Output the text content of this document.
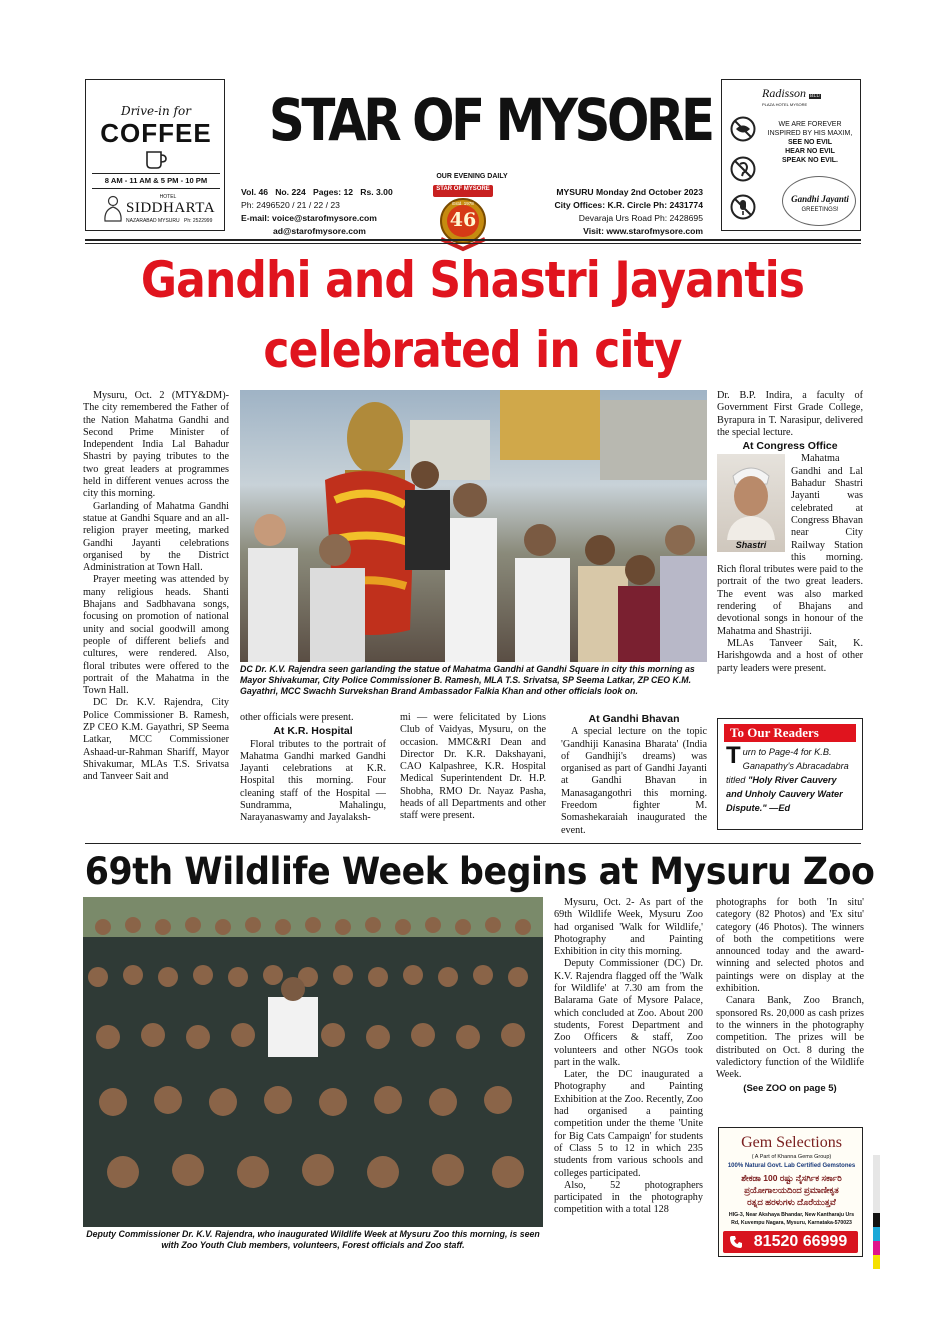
Drive-in for
COFFEE
8 AM - 11 AM & 5 PM - 10 PM
HOTEL
SIDDHARTA
NAZARABAD MYSURU Ph: 2522999
STAR OF MYSORE
OUR EVENING DAILY
Vol. 46   No. 224   Pages: 12   Rs. 3.00
Ph: 2496520 / 21 / 22 / 23
E-mail: voice@starofmysore.com
ad@starofmysore.com
STAR OF MYSORE
46
Estd. 1978
MYSURU Monday 2nd October 2023
City Offices: K.R. Circle Ph: 2431774
Devaraja Urs Road Ph: 2428695
Visit: www.starofmysore.com
Radisson BLU
PLAZA HOTEL MYSORE
WE ARE FOREVER
INSPIRED BY HIS MAXIM,
SEE NO EVIL
HEAR NO EVIL
SPEAK NO EVIL.
Gandhi Jayanti
GREETINGS!
Gandhi and Shastri Jayantis
celebrated in city

Mysuru, Oct. 2 (MTY&DM)- The city remembered the Father of the Nation Mahatma Gandhi and Second Prime Minister of Independent India Lal Bahadur Shastri by paying tributes to the two great leaders at programmes held in different venues across the city this morning.

Garlanding of Mahatma Gandhi statue at Gandhi Square and an all-religion prayer meeting, marked Gandhi Jayanti celebrations organised by the District Administration at Town Hall.

Prayer meeting was attended by many religious heads. Shanti Bhajans and Sadbhavana songs, focusing on promotion of national unity and social goodwill among people of different beliefs and cultures, were rendered. Also, floral tributes were offered to the portrait of the Mahatma in the Town Hall.

DC Dr. K.V. Rajendra, City Police Commissioner B. Ramesh, ZP CEO K.M. Gayathri, SP Seema Latkar, MCC Commissioner Ashaad-ur-Rahman Shariff, Mayor Shivakumar, MLAs T.S. Srivatsa and Tanveer Sait and

DC Dr. K.V. Rajendra seen garlanding the statue of Mahatma Gandhi at Gandhi Square in city this morning as Mayor Shivakumar, City Police Commissioner B. Ramesh, MLA T.S. Srivatsa, SP Seema Latkar, ZP CEO K.M. Gayathri, MCC Swachh Survekshan Brand Ambassador Falkia Khan and other officials look on.

other officials were present.

At K.R. Hospital

Floral tributes to the portrait of Mahatma Gandhi marked Gandhi Jayanti celebrations at K.R. Hospital this morning. Four cleaning staff of the Hospital — Sundramma, Mahalingu, Narayanaswamy and Jayalaksh-

mi — were felicitated by Lions Club of Vaidyas, Mysuru, on the occasion. MMC&RI Dean and Director Dr. K.R. Dakshayani, CAO Kalpashree, K.R. Hospital Medical Superintendent Dr. H.P. Shobha, RMO Dr. Nayaz Pasha, heads of all Departments and other staff were present.

At Gandhi Bhavan

A special lecture on the topic 'Gandhiji Kanasina Bharata' (India of Gandhiji's dreams) was organised as part of Gandhi Jayanti at Gandhi Bhavan in Manasagangothri this morning. Freedom fighter M. Somashekaraiah inaugurated the event.

Dr. B.P. Indira, a faculty of Government First Grade College, Byrapura in T. Narasipur, delivered the special lecture.

At Congress Office
Shastri

Mahatma Gandhi and Lal Bahadur Shastri Jayanti was celebrated at Congress Bhavan near City Railway Station this morning. Rich floral tributes were paid to the portrait of the two great leaders. The event was also marked rendering of Bhajans and devotional songs in honour of the Mahatma and Shastriji.

MLAs Tanveer Sait, K. Harishgowda and a host of other party leaders were present.

To Our Readers
T urn to Page-4 for K.B. Ganapathy's Abracadabra titled "Holy River Cauvery and Unholy Cauvery Water Dispute." —Ed
69th Wildlife Week begins at Mysuru Zoo
Deputy Commissioner Dr. K.V. Rajendra, who inaugurated Wildlife Week at Mysuru Zoo this morning, is seen with Zoo Youth Club members, volunteers, Forest officials and Zoo staff.

Mysuru, Oct. 2- As part of the 69th Wildlife Week, Mysuru Zoo had organised 'Walk for Wildlife,' Photography and Painting Exhibition in city this morning.

Deputy Commissioner (DC) Dr. K.V. Rajendra flagged off the 'Walk for Wildlife' at 7.30 am from the Balarama Gate of Mysore Palace, which concluded at Zoo. About 200 students, Forest Department and Zoo Officers & staff, Zoo volunteers and other NGOs took part in the walk.

Later, the DC inaugurated a Photography and Painting Exhibition at the Zoo. Recently, Zoo had organised a painting competition under the theme 'Unite for Big Cats Campaign' for students of Class 5 to 12 in which 235 students from various schools and colleges participated.

Also, 52 photographers participated in the photography competition with a total 128

photographs for both 'In situ' category (82 Photos) and 'Ex situ' category (46 Photos). The winners of both the competitions were announced today and the award-winning and selected photos and paintings were on display at the exhibition.

Canara Bank, Zoo Branch, sponsored Rs. 20,000 as cash prizes to the winners in the photography competition. The prizes will be distributed on Oct. 8 during the valedictory function of the Wildlife Week.

(See ZOO on page 5)
Gem Selections
( A Part of Khanna Gems Group)
100% Natural Govt. Lab Certified Gemstones
ಶೇಕಡಾ 100 ರಷ್ಟು ನೈಸರ್ಗಿಕ ಸರ್ಕಾರಿ
ಪ್ರಯೋಗಾಲಯದಿಂದ ಪ್ರಮಾಣೀಕೃತ
ರತ್ನದ ಹರಳುಗಳು ದೊರೆಯುತ್ತವೆ
HIG-3, Near Akshaya Bhandar, New Kantharaju Urs
Rd, Kuvempu Nagara, Mysuru, Karnataka-570023
81520 66999
